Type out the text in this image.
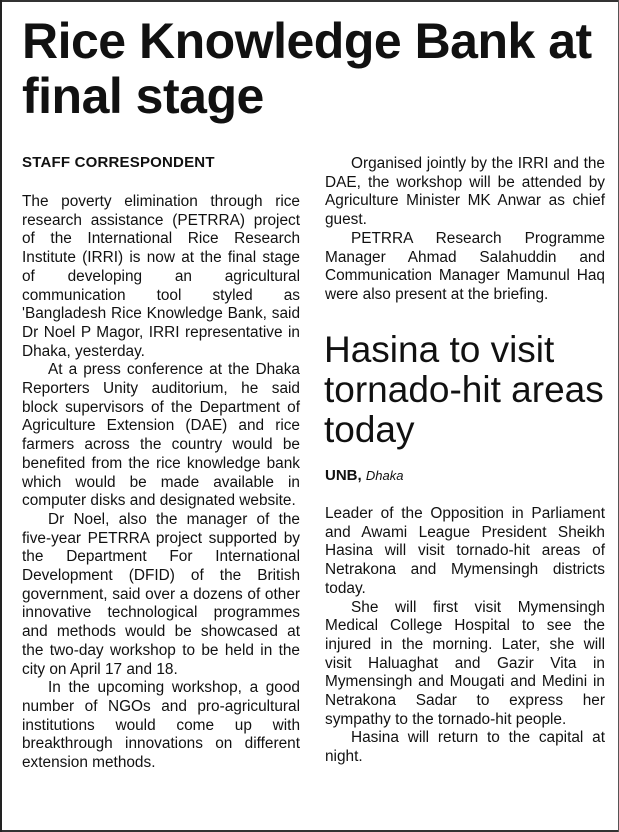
Rice Knowledge Bank at final stage
STAFF CORRESPONDENT

The poverty elimination through rice research assistance (PETRRA) project of the International Rice Research Institute (IRRI) is now at the final stage of developing an agricultural communication tool styled as 'Bangladesh Rice Knowledge Bank, said Dr Noel P Magor, IRRI representative in Dhaka, yesterday.

At a press conference at the Dhaka Reporters Unity auditorium, he said block supervisors of the Department of Agriculture Extension (DAE) and rice farmers across the country would be benefited from the rice knowledge bank which would be made available in computer disks and designated website.

Dr Noel, also the manager of the five-year PETRRA project supported by the Department For International Development (DFID) of the British government, said over a dozens of other innovative technological programmes and methods would be showcased at the two-day workshop to be held in the city on April 17 and 18.

In the upcoming workshop, a good number of NGOs and pro-agricultural institutions would come up with breakthrough innovations on different extension methods.

Organised jointly by the IRRI and the DAE, the workshop will be attended by Agriculture Minister MK Anwar as chief guest.

PETRRA Research Programme Manager Ahmad Salahuddin and Communication Manager Mamunul Haq were also present at the briefing.

Hasina to visit tornado-hit areas today
UNB, Dhaka

Leader of the Opposition in Parliament and Awami League President Sheikh Hasina will visit tornado-hit areas of Netrakona and Mymensingh districts today.

She will first visit Mymensingh Medical College Hospital to see the injured in the morning. Later, she will visit Haluaghat and Gazir Vita in Mymensingh and Mougati and Medini in Netrakona Sadar to express her sympathy to the tornado-hit people.

Hasina will return to the capital at night.
